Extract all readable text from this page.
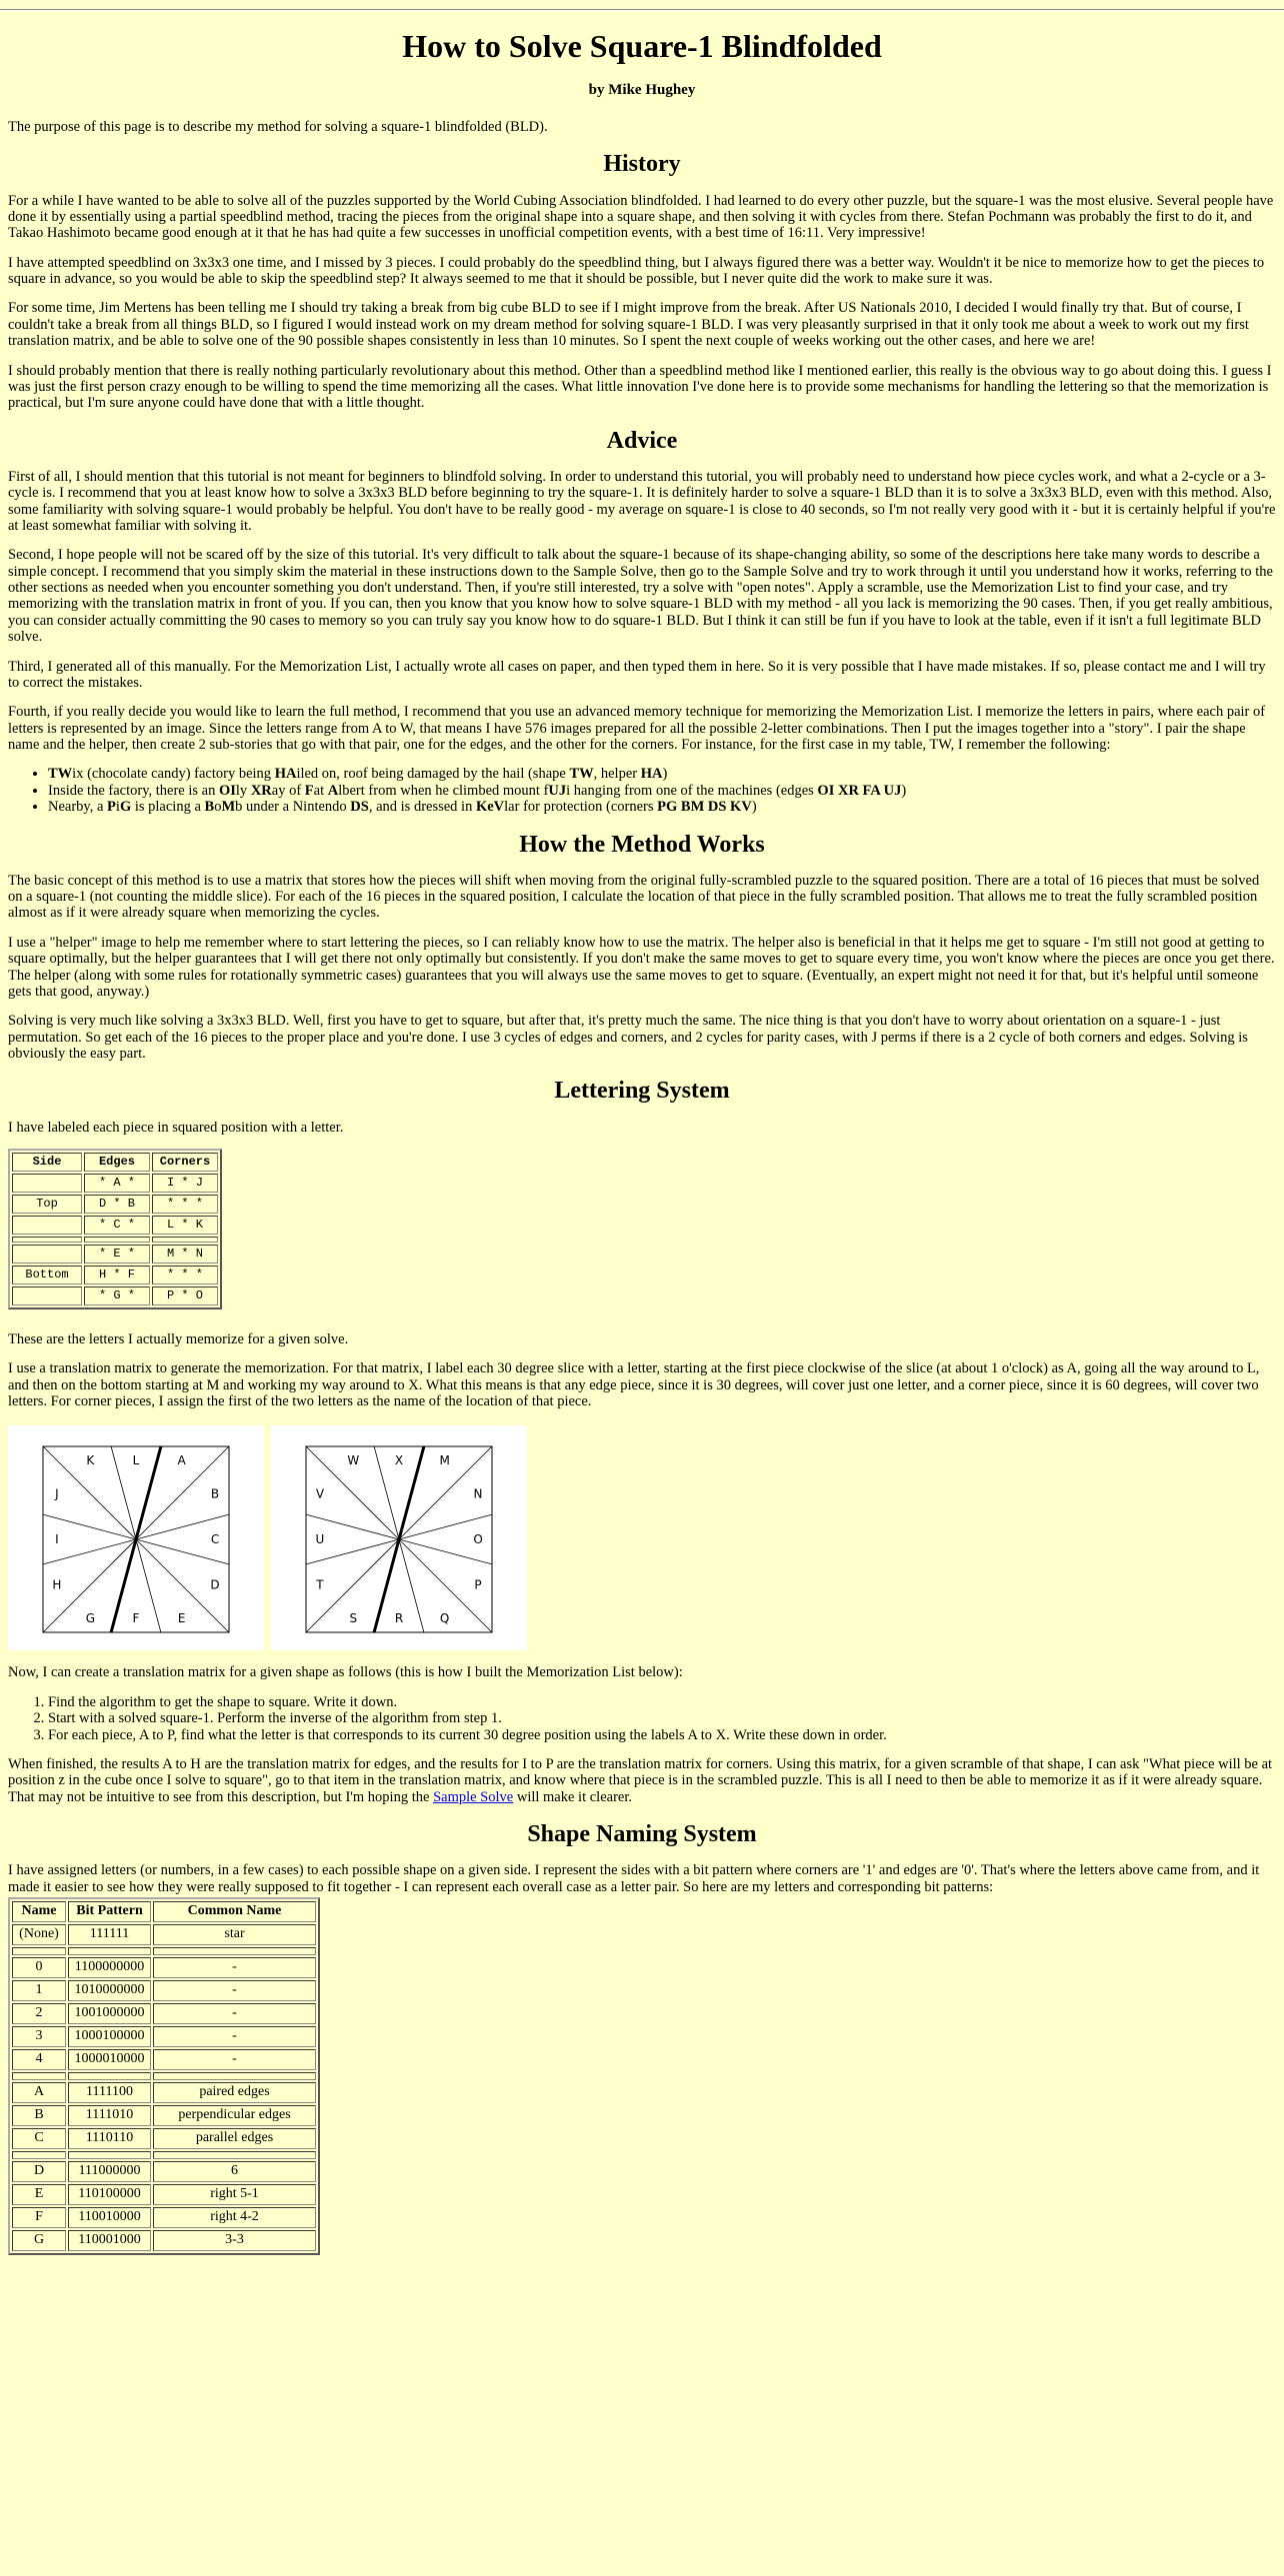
How to Solve Square-1 Blindfolded
by Mike Hughey

The purpose of this page is to describe my method for solving a square-1 blindfolded (BLD).

History

For a while I have wanted to be able to solve all of the puzzles supported by the World Cubing Association blindfolded. I had learned to do every other puzzle, but the square-1 was the most elusive. Several people have done it by essentially using a partial speedblind method, tracing the pieces from the original shape into a square shape, and then solving it with cycles from there. Stefan Pochmann was probably the first to do it, and Takao Hashimoto became good enough at it that he has had quite a few successes in unofficial competition events, with a best time of 16:11. Very impressive!

I have attempted speedblind on 3x3x3 one time, and I missed by 3 pieces. I could probably do the speedblind thing, but I always figured there was a better way. Wouldn't it be nice to memorize how to get the pieces to square in advance, so you would be able to skip the speedblind step? It always seemed to me that it should be possible, but I never quite did the work to make sure it was.

For some time, Jim Mertens has been telling me I should try taking a break from big cube BLD to see if I might improve from the break. After US Nationals 2010, I decided I would finally try that. But of course, I couldn't take a break from all things BLD, so I figured I would instead work on my dream method for solving square-1 BLD. I was very pleasantly surprised in that it only took me about a week to work out my first translation matrix, and be able to solve one of the 90 possible shapes consistently in less than 10 minutes. So I spent the next couple of weeks working out the other cases, and here we are!

I should probably mention that there is really nothing particularly revolutionary about this method. Other than a speedblind method like I mentioned earlier, this really is the obvious way to go about doing this. I guess I was just the first person crazy enough to be willing to spend the time memorizing all the cases. What little innovation I've done here is to provide some mechanisms for handling the lettering so that the memorization is practical, but I'm sure anyone could have done that with a little thought.

Advice

First of all, I should mention that this tutorial is not meant for beginners to blindfold solving. In order to understand this tutorial, you will probably need to understand how piece cycles work, and what a 2-cycle or a 3-cycle is. I recommend that you at least know how to solve a 3x3x3 BLD before beginning to try the square-1. It is definitely harder to solve a square-1 BLD than it is to solve a 3x3x3 BLD, even with this method. Also, some familiarity with solving square-1 would probably be helpful. You don't have to be really good - my average on square-1 is close to 40 seconds, so I'm not really very good with it - but it is certainly helpful if you're at least somewhat familiar with solving it.

Second, I hope people will not be scared off by the size of this tutorial. It's very difficult to talk about the square-1 because of its shape-changing ability, so some of the descriptions here take many words to describe a simple concept. I recommend that you simply skim the material in these instructions down to the Sample Solve, then go to the Sample Solve and try to work through it until you understand how it works, referring to the other sections as needed when you encounter something you don't understand. Then, if you're still interested, try a solve with "open notes". Apply a scramble, use the Memorization List to find your case, and try memorizing with the translation matrix in front of you. If you can, then you know that you know how to solve square-1 BLD with my method - all you lack is memorizing the 90 cases. Then, if you get really ambitious, you can consider actually committing the 90 cases to memory so you can truly say you know how to do square-1 BLD. But I think it can still be fun if you have to look at the table, even if it isn't a full legitimate BLD solve.

Third, I generated all of this manually. For the Memorization List, I actually wrote all cases on paper, and then typed them in here. So it is very possible that I have made mistakes. If so, please contact me and I will try to correct the mistakes.

Fourth, if you really decide you would like to learn the full method, I recommend that you use an advanced memory technique for memorizing the Memorization List. I memorize the letters in pairs, where each pair of letters is represented by an image. Since the letters range from A to W, that means I have 576 images prepared for all the possible 2-letter combinations. Then I put the images together into a "story". I pair the shape name and the helper, then create 2 sub-stories that go with that pair, one for the edges, and the other for the corners. For instance, for the first case in my table, TW, I remember the following:

• TWix (chocolate candy) factory being HAiled on, roof being damaged by the hail (shape TW, helper HA)
• Inside the factory, there is an OIly XRay of Fat Albert from when he climbed mount fUJi hanging from one of the machines (edges OI XR FA UJ)
• Nearby, a PiG is placing a BoMb under a Nintendo DS, and is dressed in KeVlar for protection (corners PG BM DS KV)
How the Method Works

The basic concept of this method is to use a matrix that stores how the pieces will shift when moving from the original fully-scrambled puzzle to the squared position. There are a total of 16 pieces that must be solved on a square-1 (not counting the middle slice). For each of the 16 pieces in the squared position, I calculate the location of that piece in the fully scrambled position. That allows me to treat the fully scrambled position almost as if it were already square when memorizing the cycles.

I use a "helper" image to help me remember where to start lettering the pieces, so I can reliably know how to use the matrix. The helper also is beneficial in that it helps me get to square - I'm still not good at getting to square optimally, but the helper guarantees that I will get there not only optimally but consistently. If you don't make the same moves to get to square every time, you won't know where the pieces are once you get there. The helper (along with some rules for rotationally symmetric cases) guarantees that you will always use the same moves to get to square. (Eventually, an expert might not need it for that, but it's helpful until someone gets that good, anyway.)

Solving is very much like solving a 3x3x3 BLD. Well, first you have to get to square, but after that, it's pretty much the same. The nice thing is that you don't have to worry about orientation on a square-1 - just permutation. So get each of the 16 pieces to the proper place and you're done. I use 3 cycles of edges and corners, and 2 cycles for parity cases, with J perms if there is a 2 cycle of both corners and edges. Solving is obviously the easy part.

Lettering System

I have labeled each piece in squared position with a letter.

Side	Edges	Corners
	* A *	I * J
Top	D * B	* * *
	* C *	L * K

	* E *	M * N
Bottom	H * F	* * *
	* G *	P * O

These are the letters I actually memorize for a given solve.

I use a translation matrix to generate the memorization. For that matrix, I label each 30 degree slice with a letter, starting at the first piece clockwise of the slice (at about 1 o'clock) as A, going all the way around to L, and then on the bottom starting at M and working my way around to X. What this means is that any edge piece, since it is 30 degrees, will cover just one letter, and a corner piece, since it is 60 degrees, will cover two letters. For corner pieces, I assign the first of the two letters as the name of the location of that piece.

A
B
C
D
E
F
G
H
I
J
K	L	M
N
O
P
Q
R
S
T
U
V
W	X

Now, I can create a translation matrix for a given shape as follows (this is how I built the Memorization List below):

1. Find the algorithm to get the shape to square. Write it down.
2. Start with a solved square-1. Perform the inverse of the algorithm from step 1.
3. For each piece, A to P, find what the letter is that corresponds to its current 30 degree position using the labels A to X. Write these down in order.

When finished, the results A to H are the translation matrix for edges, and the results for I to P are the translation matrix for corners. Using this matrix, for a given scramble of that shape, I can ask "What piece will be at position z in the cube once I solve to square", go to that item in the translation matrix, and know where that piece is in the scrambled puzzle. This is all I need to then be able to memorize it as if it were already square. That may not be intuitive to see from this description, but I'm hoping the Sample Solve will make it clearer.

Shape Naming System

I have assigned letters (or numbers, in a few cases) to each possible shape on a given side. I represent the sides with a bit pattern where corners are '1' and edges are '0'. That's where the letters above came from, and it made it easier to see how they were really supposed to fit together - I can represent each overall case as a letter pair. So here are my letters and corresponding bit patterns:

Name	Bit Pattern	Common Name
(None)	111111	star

0	1100000000	-
1	1010000000	-
2	1001000000	-
3	1000100000	-
4	1000010000	-

A	1111100	paired edges
B	1111010	perpendicular edges
C	1110110	parallel edges

D	111000000	6
E	110100000	right 5-1
F	110010000	right 4-2
G	110001000	3-3
